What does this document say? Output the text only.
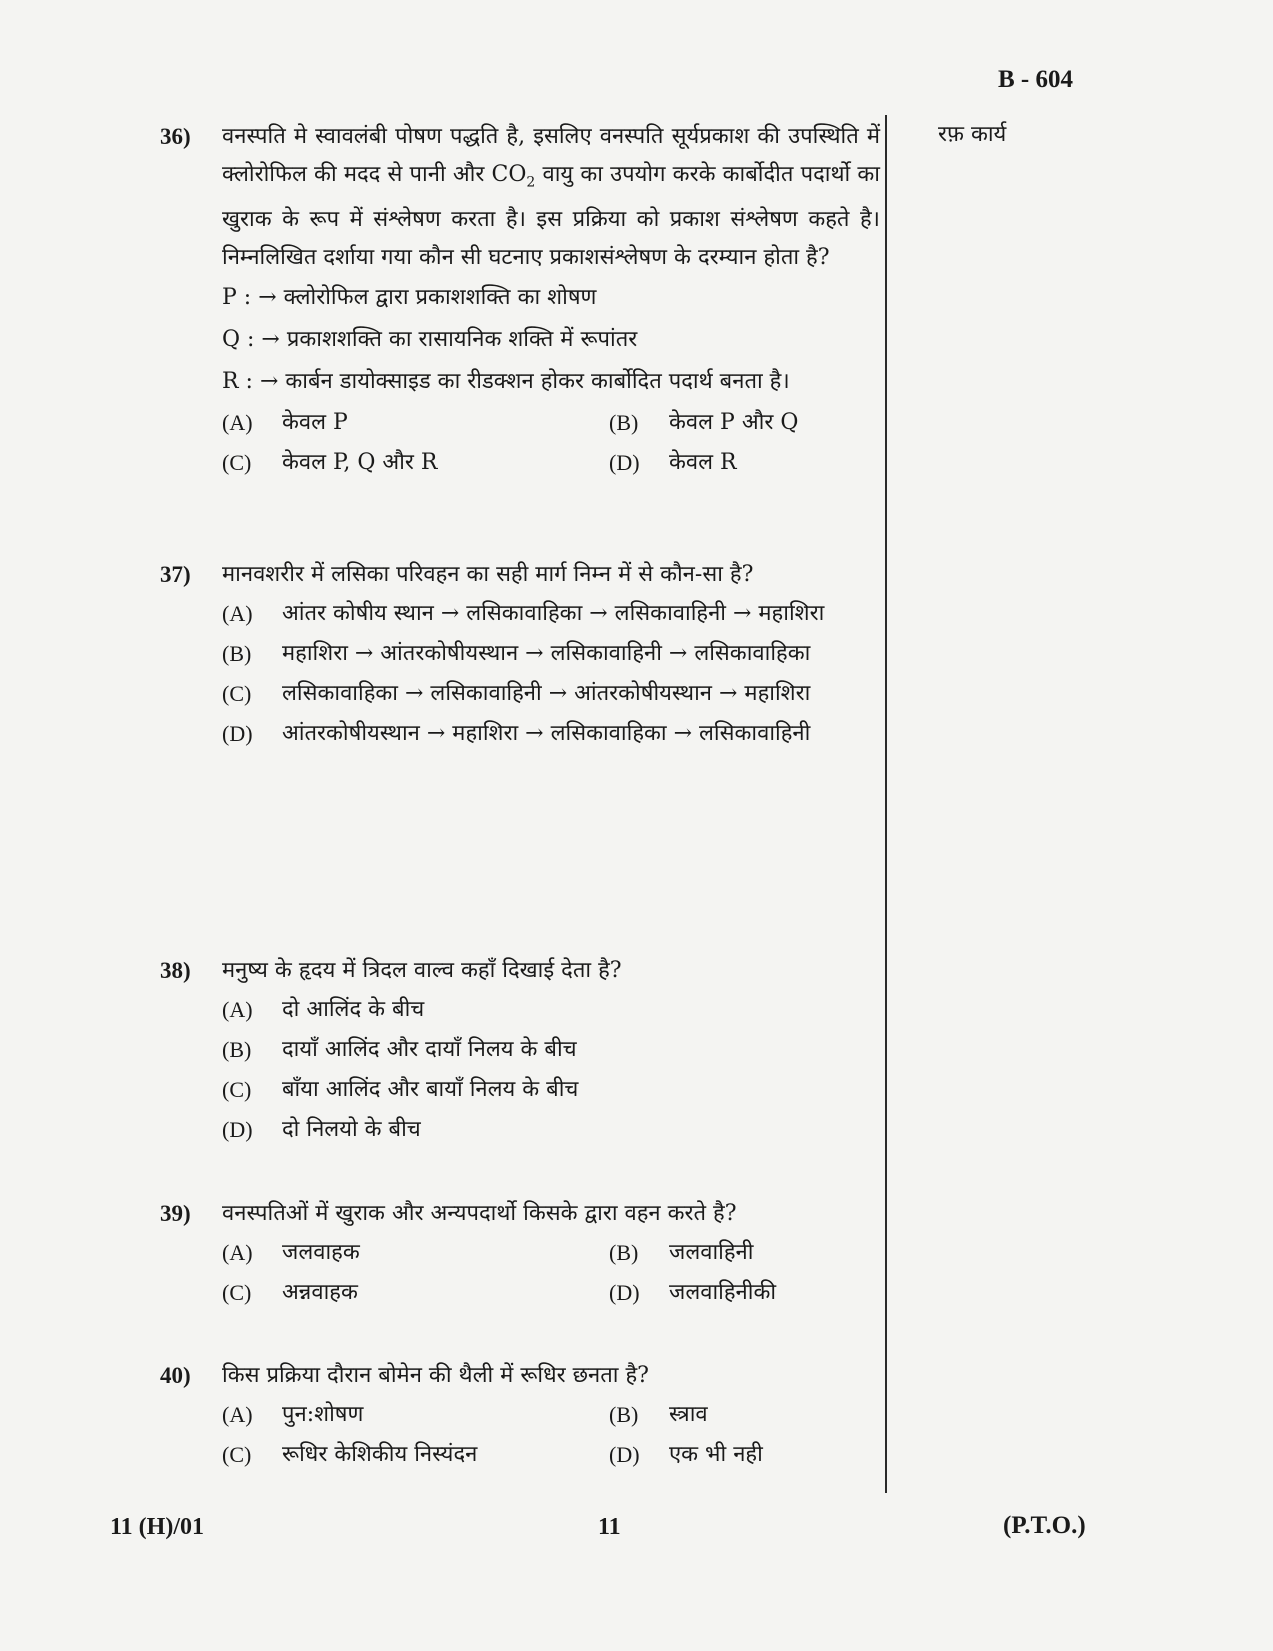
B - 604
रफ़ कार्य
36)	वनस्पति मे स्वावलंबी पोषण पद्धति है, इसलिए वनस्पति सूर्यप्रकाश की उपस्थिति में क्लोरोफिल की मदद से पानी और $CO_2$ वायु का उपयोग करके कार्बोदीत पदार्थो का खुराक के रूप में संश्लेषण करता है। इस प्रक्रिया को प्रकाश संश्लेषण कहते है। निम्नलिखित दर्शाया गया कौन सी घटनाए प्रकाशसंश्लेषण के दरम्यान होता है?
P : → क्लोरोफिल द्वारा प्रकाशशक्ति का शोषण
Q : → प्रकाशशक्ति का रासायनिक शक्ति में रूपांतर
R : → कार्बन डायोक्साइड का रीडक्शन होकर कार्बोदित पदार्थ बनता है।
(A)	केवल P	(B)	केवल P और Q
(C)	केवल P, Q और R	(D)	केवल R
37)	मानवशरीर में लसिका परिवहन का सही मार्ग निम्न में से कौन-सा है?
(A)	आंतर कोषीय स्थान → लसिकावाहिका → लसिकावाहिनी → महाशिरा
(B)	महाशिरा → आंतरकोषीयस्थान → लसिकावाहिनी → लसिकावाहिका
(C)	लसिकावाहिका → लसिकावाहिनी → आंतरकोषीयस्थान → महाशिरा
(D)	आंतरकोषीयस्थान → महाशिरा → लसिकावाहिका → लसिकावाहिनी
38)	मनुष्य के हृदय में त्रिदल वाल्व कहाँ दिखाई देता है?
(A)	दो आलिंद के बीच
(B)	दायाँ आलिंद और दायाँ निलय के बीच
(C)	बाँया आलिंद और बायाँ निलय के बीच
(D)	दो निलयो के बीच
39)	वनस्पतिओं में खुराक और अन्यपदार्थो किसके द्वारा वहन करते है?
(A)	जलवाहक	(B)	जलवाहिनी
(C)	अन्नवाहक	(D)	जलवाहिनीकी
40)	किस प्रक्रिया दौरान बोमेन की थैली में रूधिर छनता है?
(A)	पुन:शोषण	(B)	स्त्राव
(C)	रूधिर केशिकीय निस्यंदन	(D)	एक भी नही
11 (H)/01	11	(P.T.O.)
